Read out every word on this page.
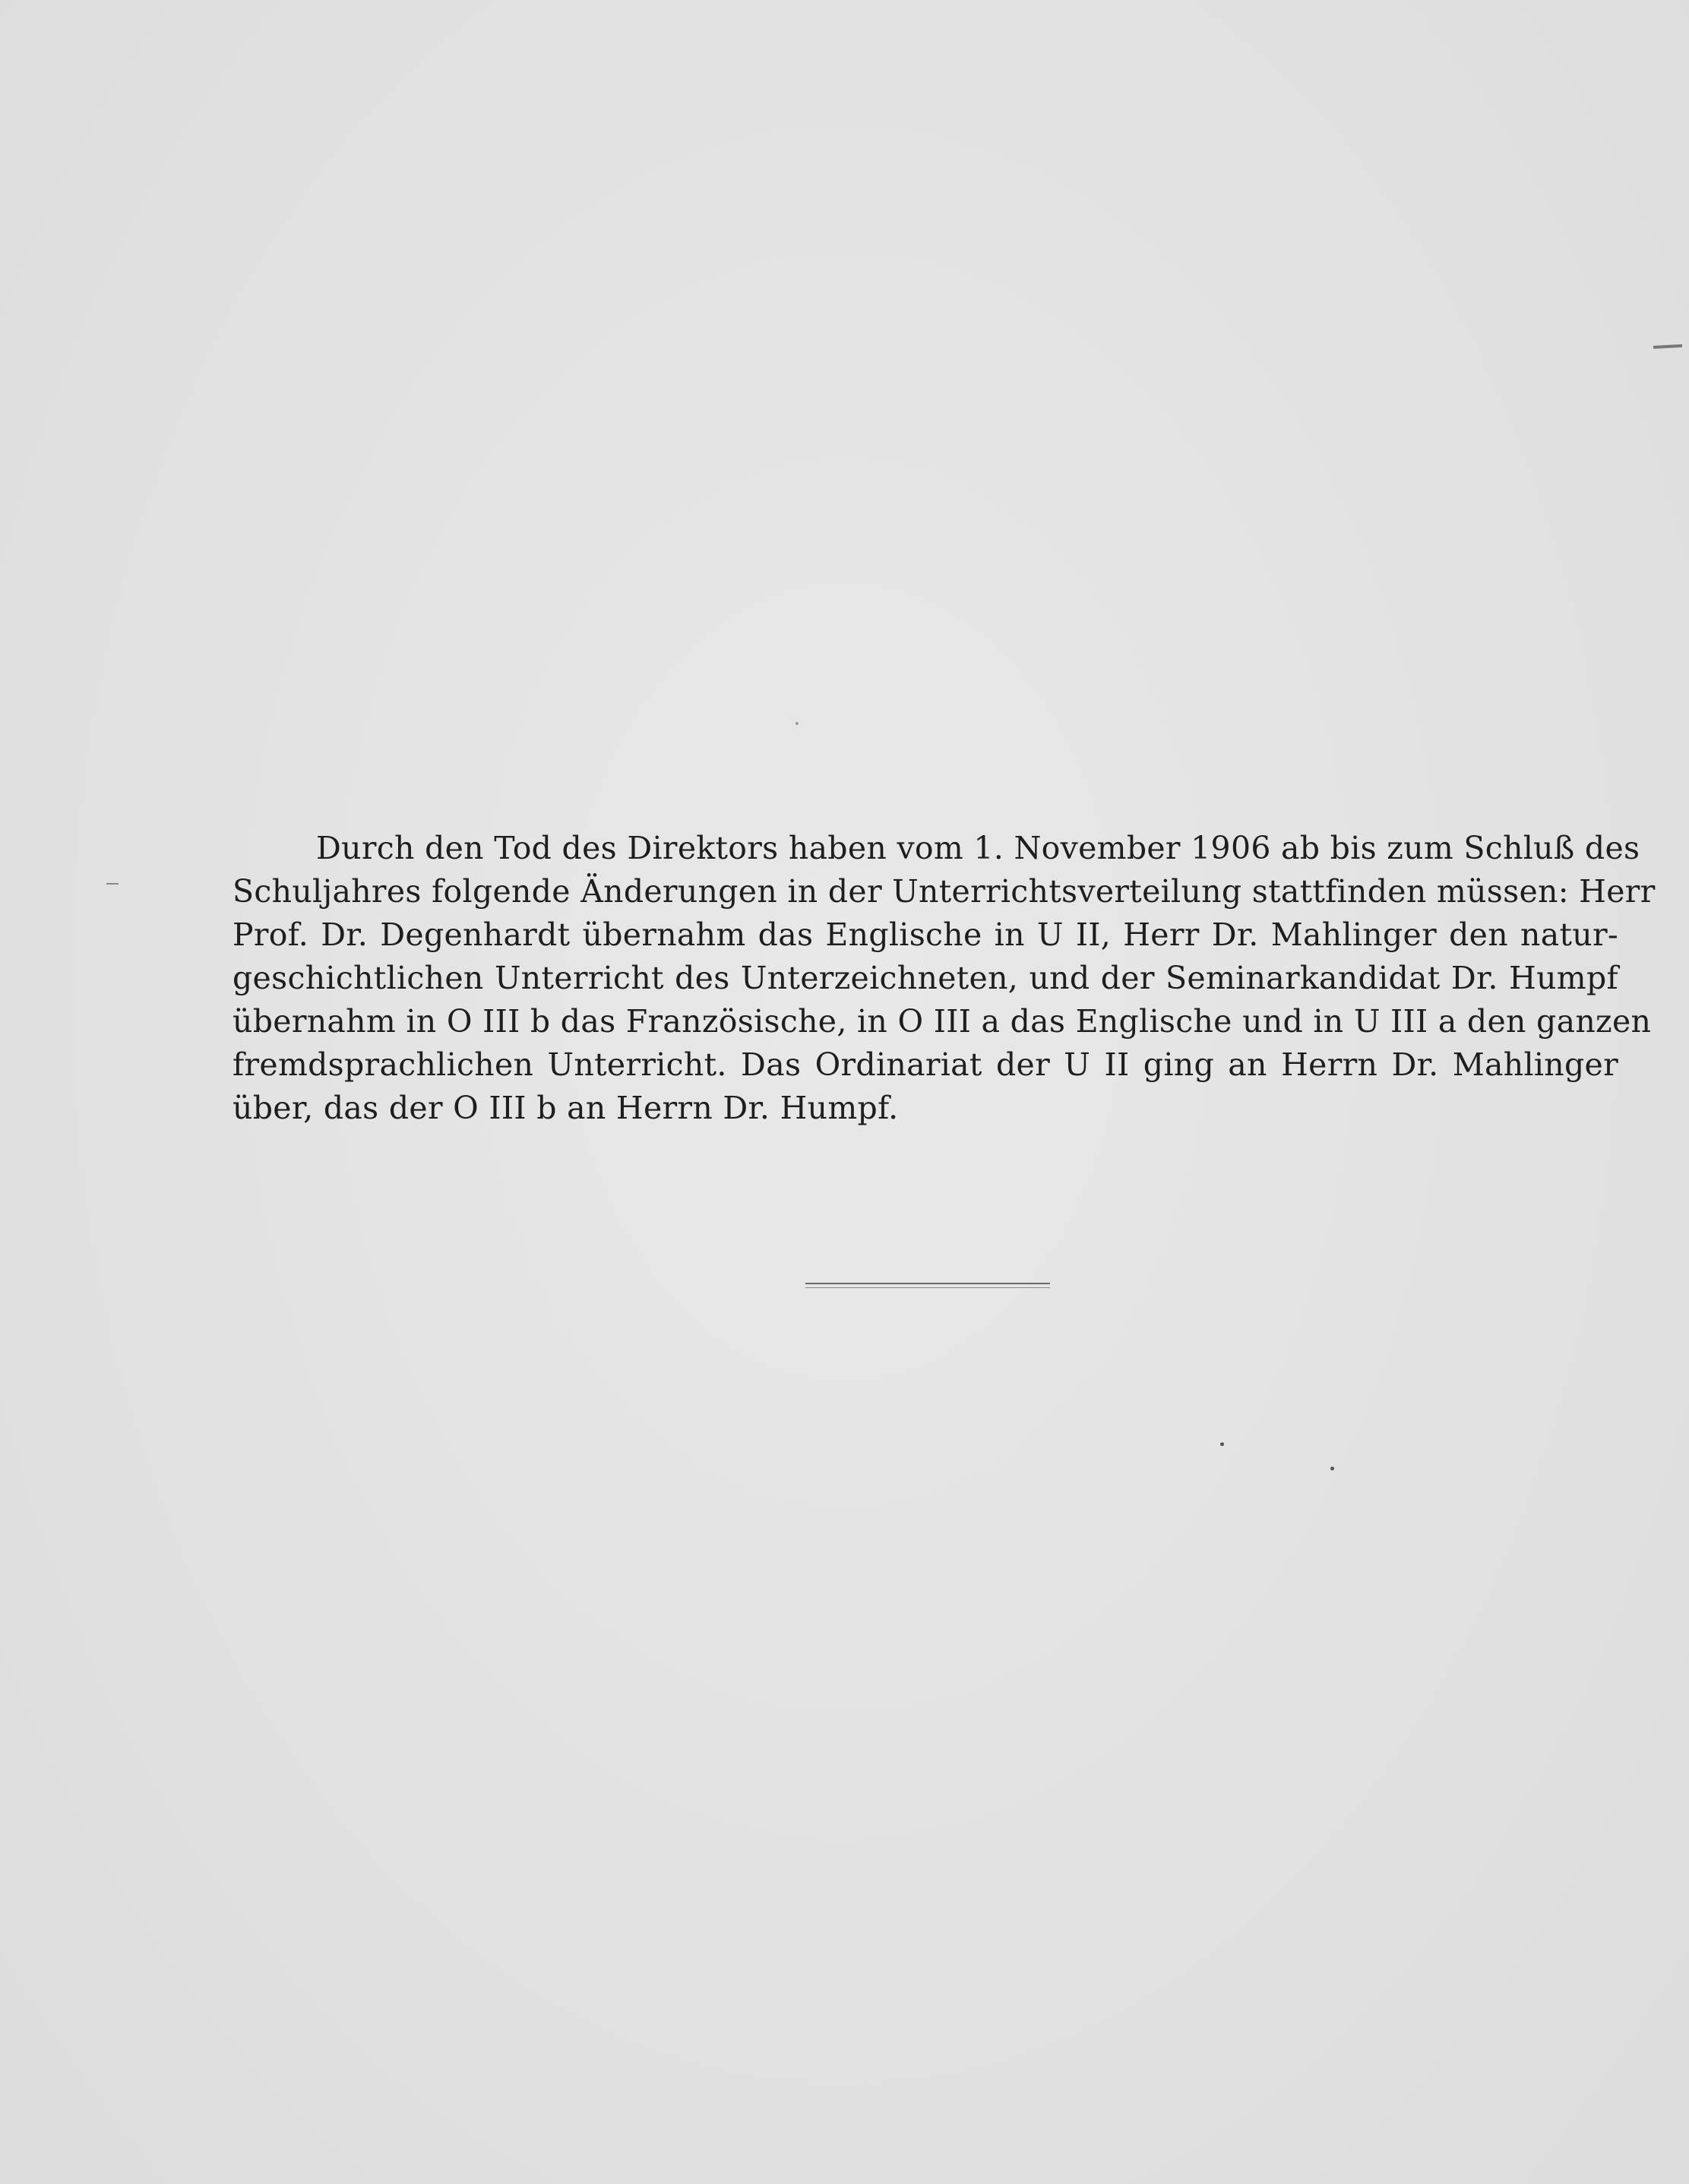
Durch den Tod des Direktors haben vom 1. November 1906 ab bis zum Schluß des
Schuljahres folgende Änderungen in der Unterrichtsverteilung stattfinden müssen: Herr
Prof. Dr. Degenhardt übernahm das Englische in U II, Herr Dr. Mahlinger den natur-
geschichtlichen Unterricht des Unterzeichneten, und der Seminarkandidat Dr. Humpf
übernahm in O III b das Französische, in O III a das Englische und in U III a den ganzen
fremdsprachlichen Unterricht. Das Ordinariat der U II ging an Herrn Dr. Mahlinger
über, das der O III b an Herrn Dr. Humpf.
